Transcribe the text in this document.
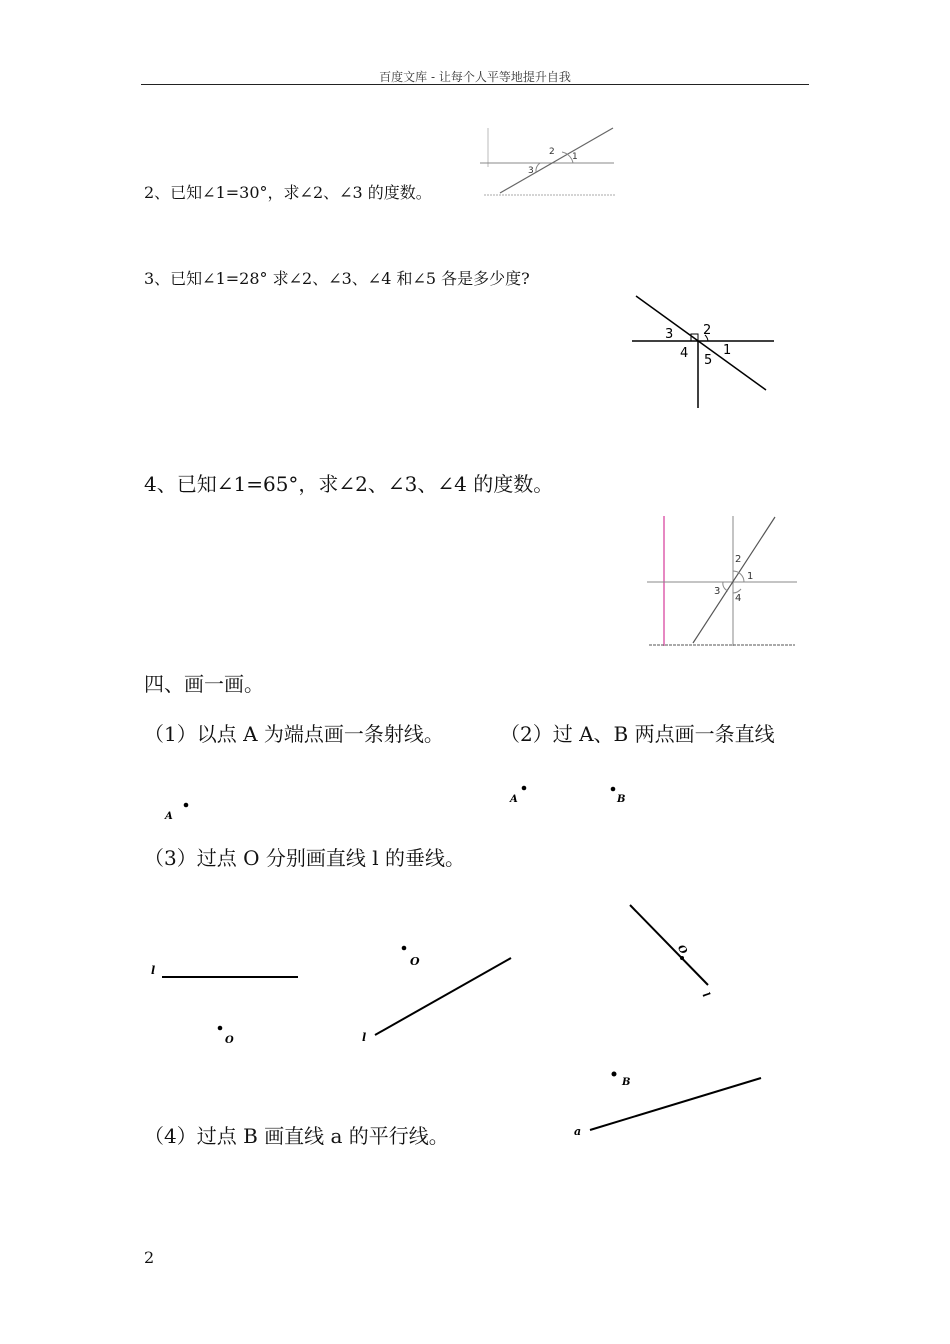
百度文库 - 让每个人平等地提升自我
2、已知∠1=30°，求∠2、∠3 的度数。
2 1
3
3、已知∠1=28° 求∠2、∠3、∠4 和∠5 各是多少度?
3 2
4	1
5
4、已知∠1=65°，求∠2、∠3、∠4 的度数。
2
1
3
4
四、画一画。
（1）以点 A 为端点画一条射线。	（2）过 A、B 两点画一条直线
A
A	B
（3）过点 O 分别画直线 l 的垂线。
l
O
O
l
O
l
（4）过点 B 画直线 a 的平行线。
B
a
2
